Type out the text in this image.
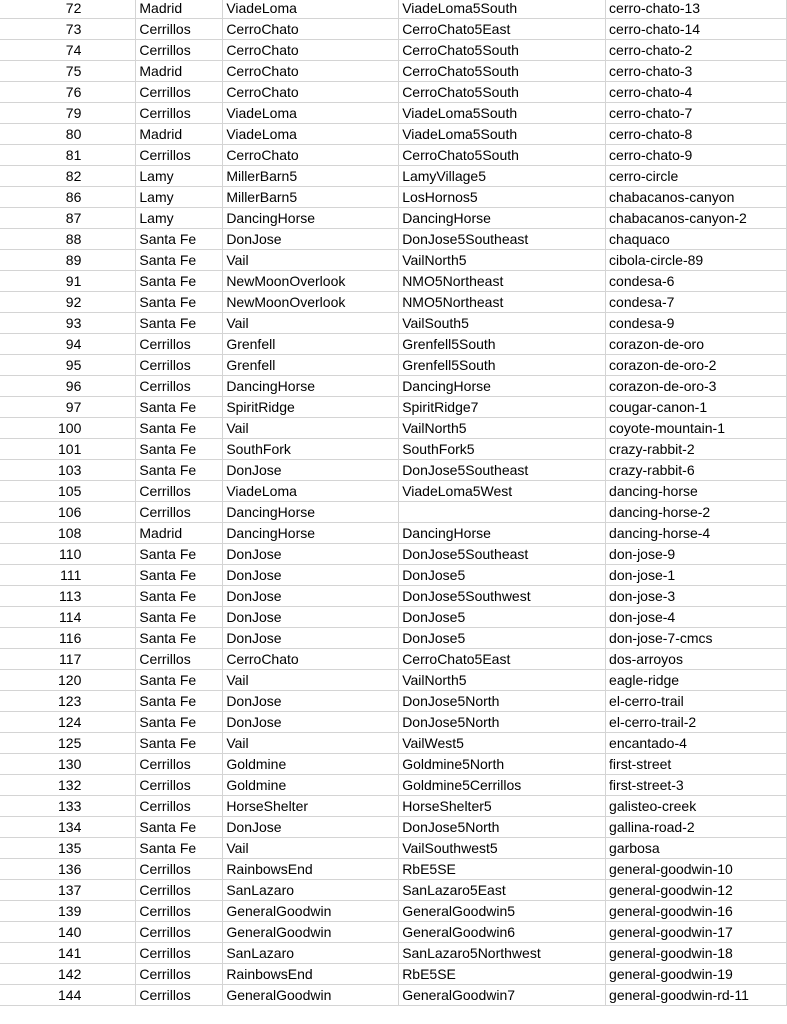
72	Madrid	ViadeLoma	ViadeLoma5South	cerro-chato-13
73	Cerrillos	CerroChato	CerroChato5East	cerro-chato-14
74	Cerrillos	CerroChato	CerroChato5South	cerro-chato-2
75	Madrid	CerroChato	CerroChato5South	cerro-chato-3
76	Cerrillos	CerroChato	CerroChato5South	cerro-chato-4
79	Cerrillos	ViadeLoma	ViadeLoma5South	cerro-chato-7
80	Madrid	ViadeLoma	ViadeLoma5South	cerro-chato-8
81	Cerrillos	CerroChato	CerroChato5South	cerro-chato-9
82	Lamy	MillerBarn5	LamyVillage5	cerro-circle
86	Lamy	MillerBarn5	LosHornos5	chabacanos-canyon
87	Lamy	DancingHorse	DancingHorse	chabacanos-canyon-2
88	Santa Fe	DonJose	DonJose5Southeast	chaquaco
89	Santa Fe	Vail	VailNorth5	cibola-circle-89
91	Santa Fe	NewMoonOverlook	NMO5Northeast	condesa-6
92	Santa Fe	NewMoonOverlook	NMO5Northeast	condesa-7
93	Santa Fe	Vail	VailSouth5	condesa-9
94	Cerrillos	Grenfell	Grenfell5South	corazon-de-oro
95	Cerrillos	Grenfell	Grenfell5South	corazon-de-oro-2
96	Cerrillos	DancingHorse	DancingHorse	corazon-de-oro-3
97	Santa Fe	SpiritRidge	SpiritRidge7	cougar-canon-1
100	Santa Fe	Vail	VailNorth5	coyote-mountain-1
101	Santa Fe	SouthFork	SouthFork5	crazy-rabbit-2
103	Santa Fe	DonJose	DonJose5Southeast	crazy-rabbit-6
105	Cerrillos	ViadeLoma	ViadeLoma5West	dancing-horse
106	Cerrillos	DancingHorse		dancing-horse-2
108	Madrid	DancingHorse	DancingHorse	dancing-horse-4
110	Santa Fe	DonJose	DonJose5Southeast	don-jose-9
111	Santa Fe	DonJose	DonJose5	don-jose-1
113	Santa Fe	DonJose	DonJose5Southwest	don-jose-3
114	Santa Fe	DonJose	DonJose5	don-jose-4
116	Santa Fe	DonJose	DonJose5	don-jose-7-cmcs
117	Cerrillos	CerroChato	CerroChato5East	dos-arroyos
120	Santa Fe	Vail	VailNorth5	eagle-ridge
123	Santa Fe	DonJose	DonJose5North	el-cerro-trail
124	Santa Fe	DonJose	DonJose5North	el-cerro-trail-2
125	Santa Fe	Vail	VailWest5	encantado-4
130	Cerrillos	Goldmine	Goldmine5North	first-street
132	Cerrillos	Goldmine	Goldmine5Cerrillos	first-street-3
133	Cerrillos	HorseShelter	HorseShelter5	galisteo-creek
134	Santa Fe	DonJose	DonJose5North	gallina-road-2
135	Santa Fe	Vail	VailSouthwest5	garbosa
136	Cerrillos	RainbowsEnd	RbE5SE	general-goodwin-10
137	Cerrillos	SanLazaro	SanLazaro5East	general-goodwin-12
139	Cerrillos	GeneralGoodwin	GeneralGoodwin5	general-goodwin-16
140	Cerrillos	GeneralGoodwin	GeneralGoodwin6	general-goodwin-17
141	Cerrillos	SanLazaro	SanLazaro5Northwest	general-goodwin-18
142	Cerrillos	RainbowsEnd	RbE5SE	general-goodwin-19
144	Cerrillos	GeneralGoodwin	GeneralGoodwin7	general-goodwin-rd-11
